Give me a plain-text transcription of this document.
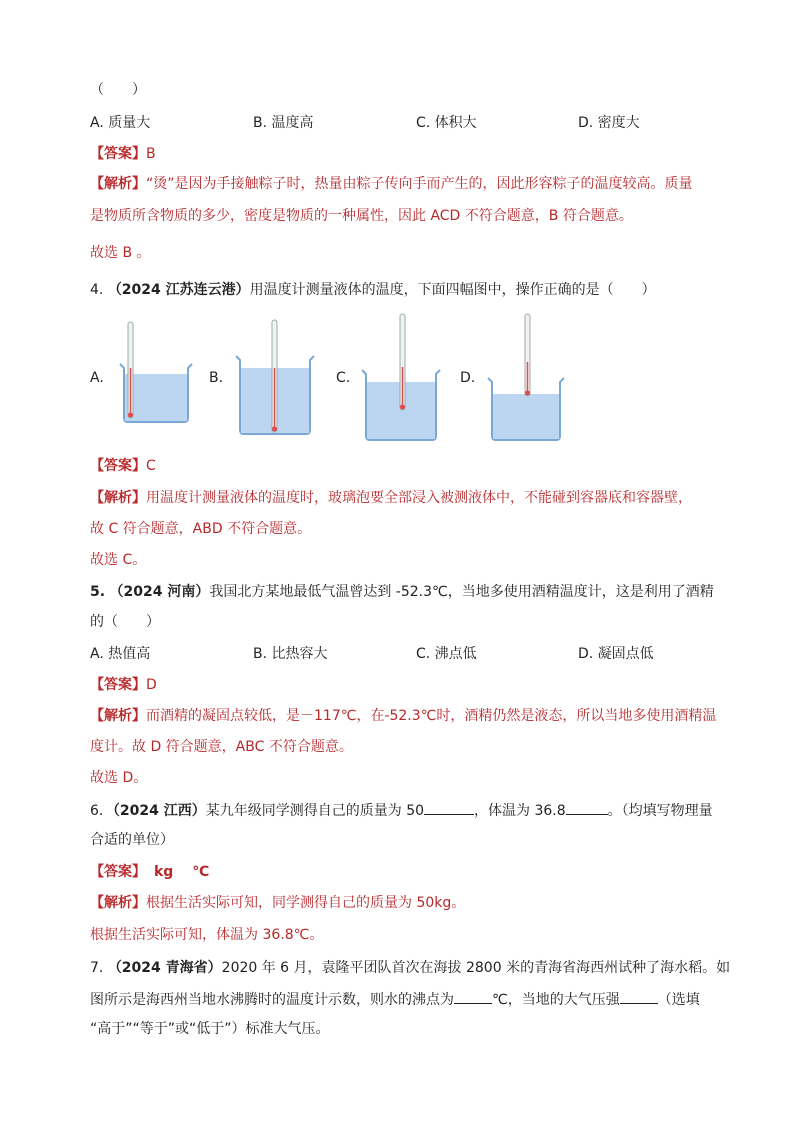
（　　）
A. 质量大	B. 温度高	C. 体积大	D. 密度大
【答案】B
【解析】“烫”是因为手接触粽子时，热量由粽子传向手而产生的，因此形容粽子的温度较高。质量
是物质所含物质的多少，密度是物质的一种属性，因此 ACD 不符合题意，B 符合题意。
故选 B 。
4. （2024 江苏连云港）用温度计测量液体的温度，下面四幅图中，操作正确的是（　　）
A.	B.	C.	D.
【答案】C
【解析】用温度计测量液体的温度时，玻璃泡要全部浸入被测液体中，不能碰到容器底和容器壁，
故 C 符合题意，ABD 不符合题意。
故选 C。
5. （2024 河南）我国北方某地最低气温曾达到 -52.3℃，当地多使用酒精温度计，这是利用了酒精
的（　　）
A. 热值高	B. 比热容大	C. 沸点低	D. 凝固点低
【答案】D
【解析】而酒精的凝固点较低，是－117℃，在-52.3℃时，酒精仍然是液态，所以当地多使用酒精温
度计。故 D 符合题意，ABC 不符合题意。
故选 D。
6．（2024 江西）某九年级同学测得自己的质量为 50	，体温为 36.8	。（均填写物理量
合适的单位）
【答案】 kg　 ℃
【解析】根据生活实际可知，同学测得自己的质量为 50kg。
根据生活实际可知，体温为 36.8℃。
7. （2024 青海省）2020 年 6 月，袁隆平团队首次在海拔 2800 米的青海省海西州试种了海水稻。如
图所示是海西州当地水沸腾时的温度计示数，则水的沸点为	℃，当地的大气压强	（选填
“高于”“等于”或“低于”）标准大气压。
